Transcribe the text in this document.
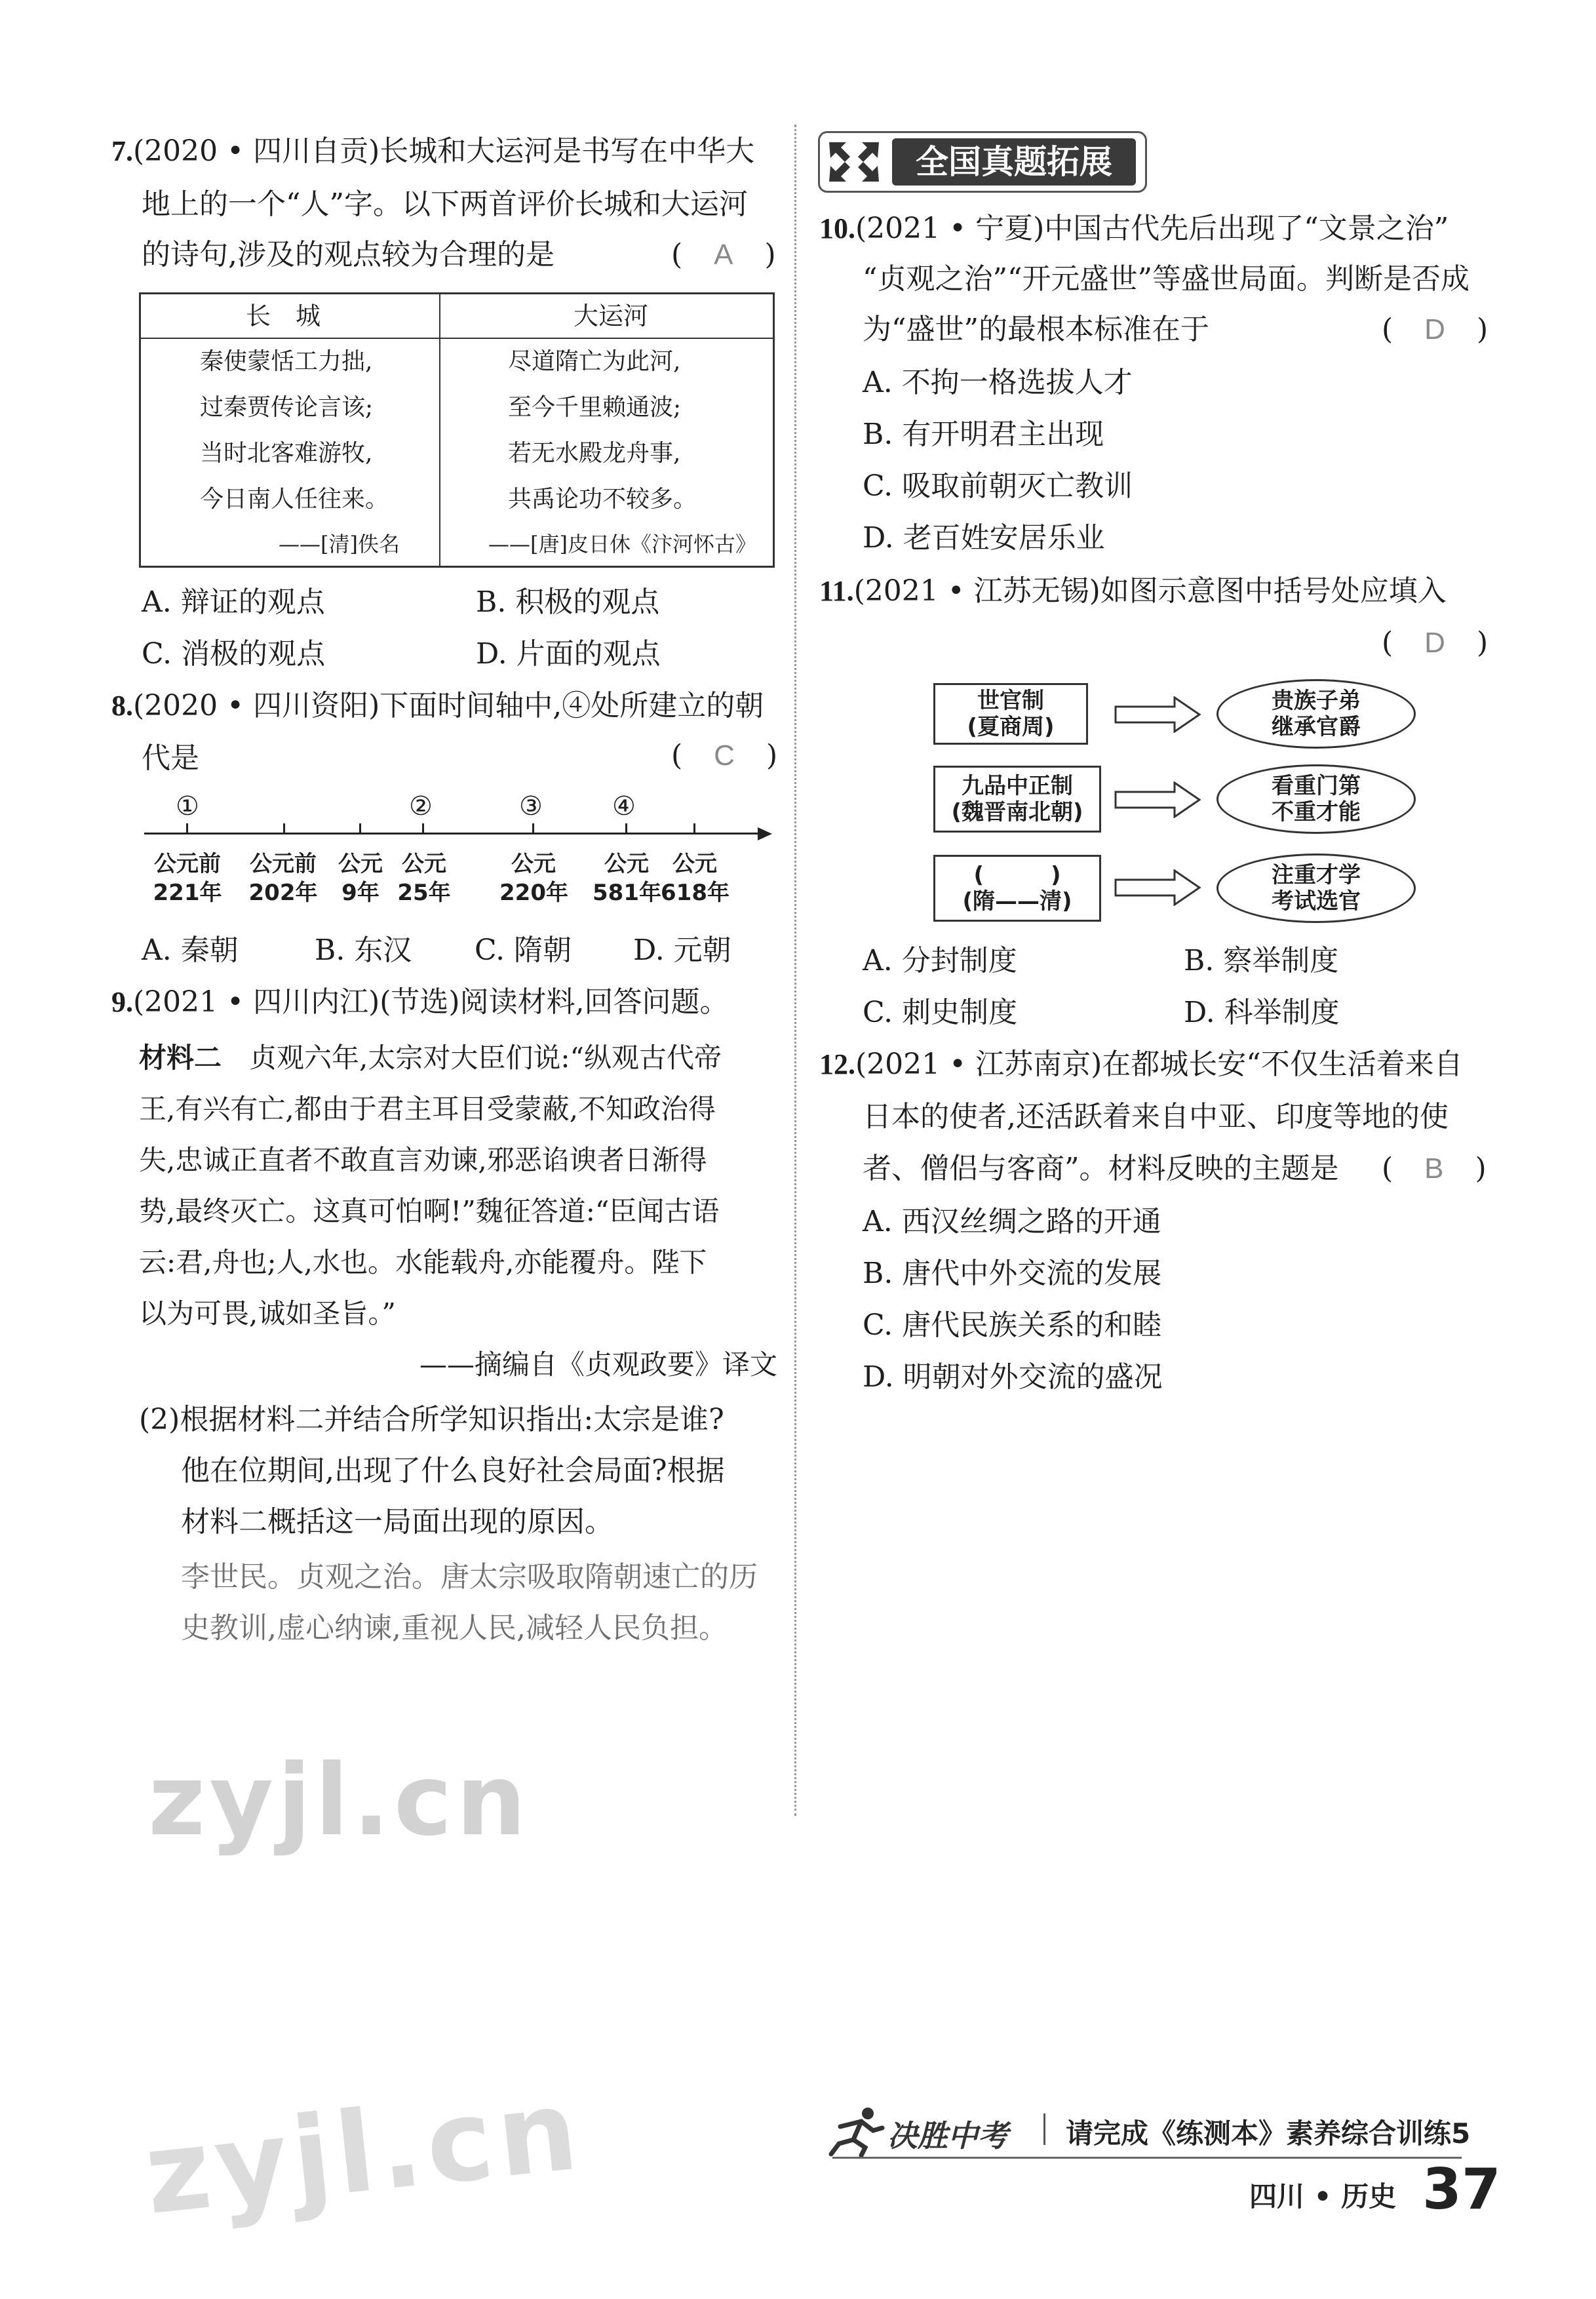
7.(2020 • 四川自贡)长城和大运河是书写在中华大
地上的一个“人”字。以下两首评价长城和大运河
的诗句,涉及的观点较为合理的是	(　A　)
长　城	大运河
秦使蒙恬工力拙,
过秦贾传论言该;
当时北客难游牧,
今日南人任往来。
——[清]佚名
尽道隋亡为此河,
至今千里赖通波;
若无水殿龙舟事,
共禹论功不较多。
——[唐]皮日休《汴河怀古》
A. 辩证的观点	B. 积极的观点
C. 消极的观点	D. 片面的观点
8.(2020 • 四川资阳)下面时间轴中,④处所建立的朝
代是	(　C　)
①	②	③	④
公元前
221年
公元前
202年
公元
9年
公元
25年
公元
220年
公元
581年
公元
618年
A. 秦朝	B. 东汉 C. 隋朝 D. 元朝
9.(2021 • 四川内江)(节选)阅读材料,回答问题。
材料二　 贞观六年,太宗对大臣们说:“纵观古代帝
王,有兴有亡,都由于君主耳目受蒙蔽,不知政治得
失,忠诚正直者不敢直言劝谏,邪恶谄谀者日渐得
势,最终灭亡。这真可怕啊!”魏征答道:“臣闻古语
云:君,舟也;人,水也。水能载舟,亦能覆舟。陛下
以为可畏,诚如圣旨。”
——摘编自《贞观政要》译文
(2)根据材料二并结合所学知识指出:太宗是谁?
他在位期间,出现了什么良好社会局面?根据
材料二概括这一局面出现的原因。
李世民。贞观之治。唐太宗吸取隋朝速亡的历
史教训,虚心纳谏,重视人民,减轻人民负担。
zyjl.cn
全国真题拓展
10.(2021 • 宁夏)中国古代先后出现了“文景之治”
“贞观之治”“开元盛世”等盛世局面。判断是否成
为“盛世”的最根本标准在于	(　D　)
A. 不拘一格选拔人才
B. 有开明君主出现
C. 吸取前朝灭亡教训
D. 老百姓安居乐业
11.(2021 • 江苏无锡)如图示意图中括号处应填入
(　D　)
世官制
(夏商周)
贵族子弟
继承官爵
九品中正制
(魏晋南北朝)
看重门第
不重才能
(　　　)
(隋——清)
注重才学
考试选官
A. 分封制度	B. 察举制度
C. 刺史制度	D. 科举制度
12.(2021 • 江苏南京)在都城长安“不仅生活着来自
日本的使者,还活跃着来自中亚、印度等地的使
者、僧侣与客商”。材料反映的主题是 (　B　)
A. 西汉丝绸之路的开通
B. 唐代中外交流的发展
C. 唐代民族关系的和睦
D. 明朝对外交流的盛况
决胜中考 请完成《练测本》素养综合训练5
四川 • 历史 37
zyjl.cn
